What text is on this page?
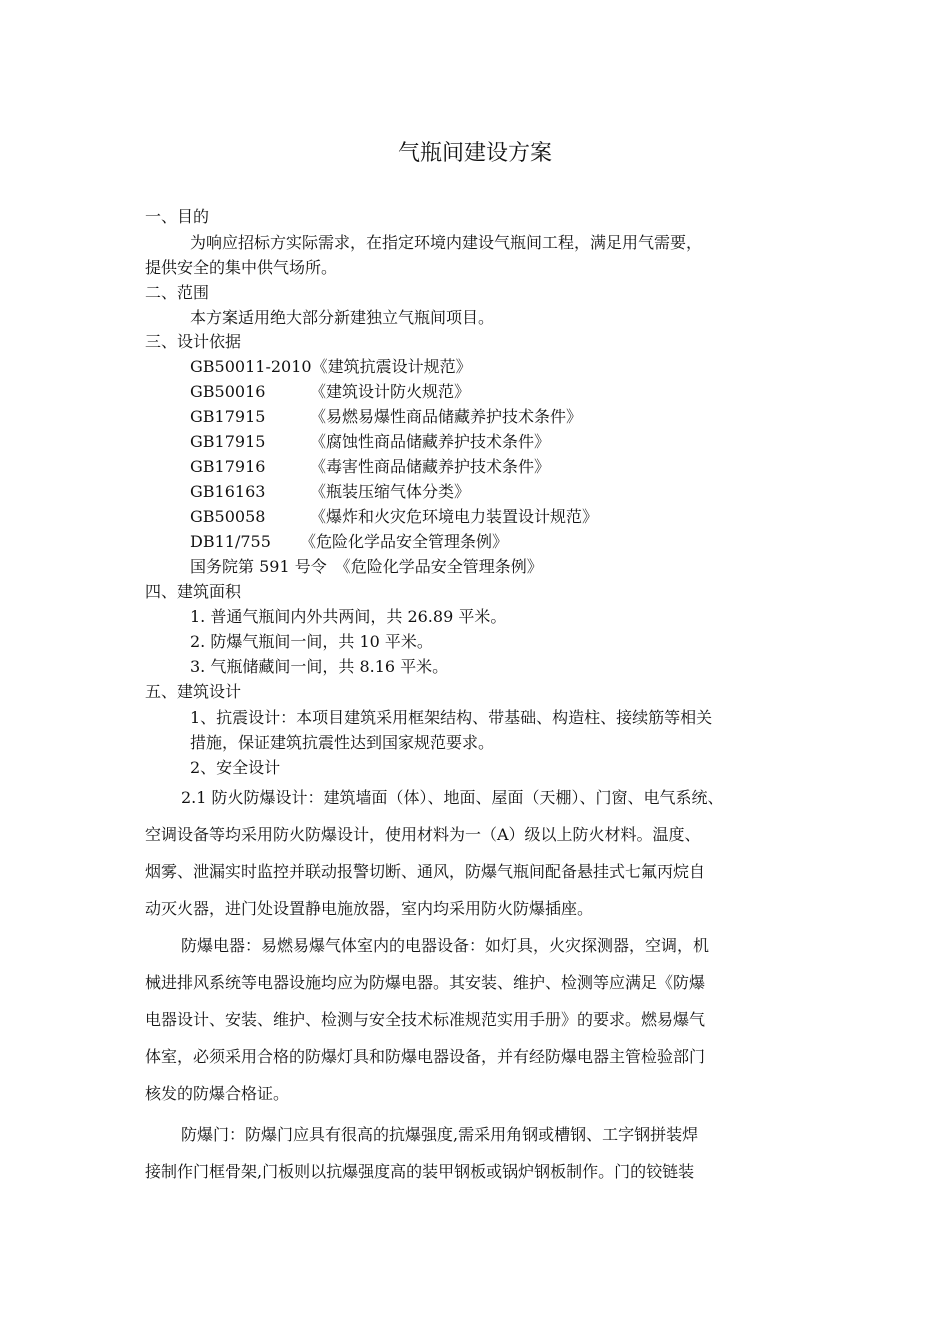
气瓶间建设方案
一、目的
为响应招标方实际需求，在指定环境内建设气瓶间工程，满足用气需要，
提供安全的集中供气场所。
二、范围
本方案适用绝大部分新建独立气瓶间项目。
三、设计依据
GB50011-2010《建筑抗震设计规范》
GB50016	《建筑设计防火规范》
GB17915	《易燃易爆性商品储藏养护技术条件》
GB17915	《腐蚀性商品储藏养护技术条件》
GB17916	《毒害性商品储藏养护技术条件》
GB16163	《瓶装压缩气体分类》
GB50058	《爆炸和火灾危环境电力装置设计规范》
DB11/755 《危险化学品安全管理条例》
国务院第 591 号令 《危险化学品安全管理条例》
四、建筑面积
1. 普通气瓶间内外共两间，共 26.89 平米。
2. 防爆气瓶间一间，共 10 平米。
3. 气瓶储藏间一间，共 8.16 平米。
五、建筑设计
1、抗震设计：本项目建筑采用框架结构、带基础、构造柱、接续筋等相关
措施，保证建筑抗震性达到国家规范要求。
2、安全设计
2.1 防火防爆设计：建筑墙面（体）、地面、屋面（天棚）、门窗、电气系统、
空调设备等均采用防火防爆设计，使用材料为一（A）级以上防火材料。温度、
烟雾、泄漏实时监控并联动报警切断、通风，防爆气瓶间配备悬挂式七氟丙烷自
动灭火器，进门处设置静电施放器，室内均采用防火防爆插座。
防爆电器：易燃易爆气体室内的电器设备：如灯具，火灾探测器，空调，机
械进排风系统等电器设施均应为防爆电器。其安装、维护、检测等应满足《防爆
电器设计、安装、维护、检测与安全技术标准规范实用手册》的要求。燃易爆气
体室，必须采用合格的防爆灯具和防爆电器设备，并有经防爆电器主管检验部门
核发的防爆合格证。
防爆门：防爆门应具有很高的抗爆强度,需采用角钢或槽钢、工字钢拼装焊
接制作门框骨架,门板则以抗爆强度高的装甲钢板或锅炉钢板制作。门的铰链装
